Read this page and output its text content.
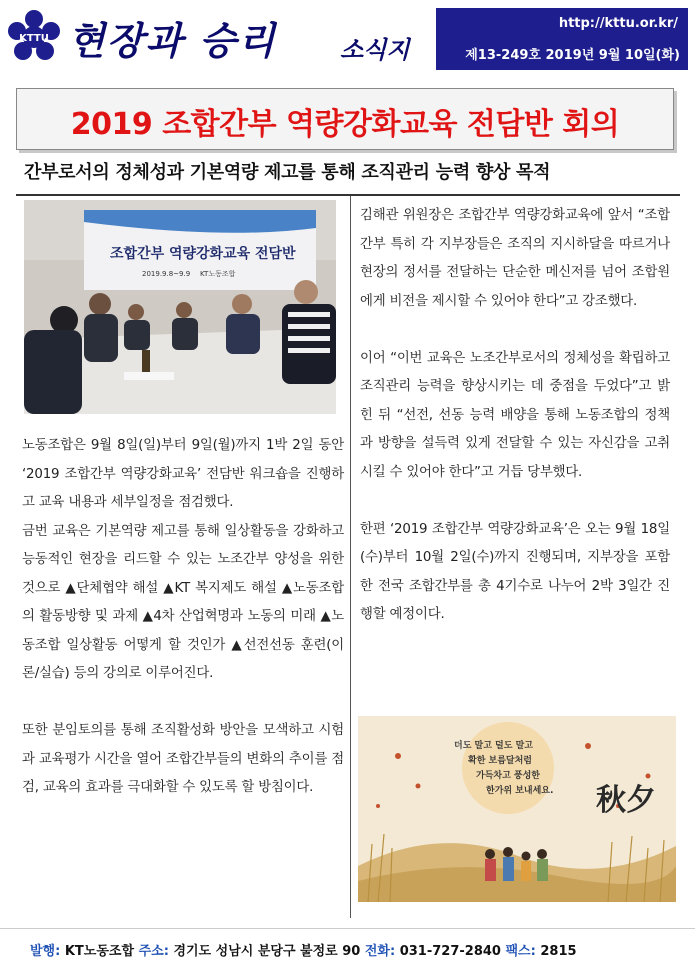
KTTU 현장과 승리	소식지
http://kttu.or.kr/
제13-249호 2019년 9월 10일(화)
2019 조합간부 역량강화교육 전담반 회의
간부로서의 정체성과 기본역량 제고를 통해 조직관리 능력 향상 목적
조합간부 역량강화교육 전담반
2019.9.8~9.9 KT노동조합

노동조합은 9월 8일(일)부터 9일(월)까지 1박 2일 동안 ‘2019 조합간부 역량강화교육’ 전담반 워크숍을 진행하고 교육 내용과 세부일정을 점검했다.

금번 교육은 기본역량 제고를 통해 일상활동을 강화하고 능동적인 현장을 리드할 수 있는 노조간부 양성을 위한 것으로 ▲단체협약 해설 ▲KT 복지제도 해설 ▲노동조합의 활동방향 및 과제 ▲4차 산업혁명과 노동의 미래 ▲노동조합 일상활동 어떻게 할 것인가 ▲선전선동 훈련(이론/실습) 등의 강의로 이루어진다.

또한 분임토의를 통해 조직활성화 방안을 모색하고 시험과 교육평가 시간을 열어 조합간부들의 변화의 추이를 점검, 교육의 효과를 극대화할 수 있도록 할 방침이다.

김해관 위원장은 조합간부 역량강화교육에 앞서 “조합간부 특히 각 지부장들은 조직의 지시하달을 따르거나 현장의 정서를 전달하는 단순한 메신저를 넘어 조합원에게 비전을 제시할 수 있어야 한다”고 강조했다.

이어 “이번 교육은 노조간부로서의 정체성을 확립하고 조직관리 능력을 향상시키는 데 중점을 두었다”고 밝힌 뒤 “선전, 선동 능력 배양을 통해 노동조합의 정책과 방향을 설득력 있게 전달할 수 있는 자신감을 고취시킬 수 있어야 한다”고 거듭 당부했다.

한편 ‘2019 조합간부 역량강화교육’은 오는 9월 18일(수)부터 10월 2일(수)까지 진행되며, 지부장을 포함한 전국 조합간부를 총 4기수로 나누어 2박 3일간 진행할 예정이다.

더도 말고 덜도 말고
확한 보름달처럼
가득차고 풍성한
한가위 보내세요. 秋夕
발행: KT노동조합 주소: 경기도 성남시 분당구 불정로 90 전화: 031-727-2840 팩스: 2815
